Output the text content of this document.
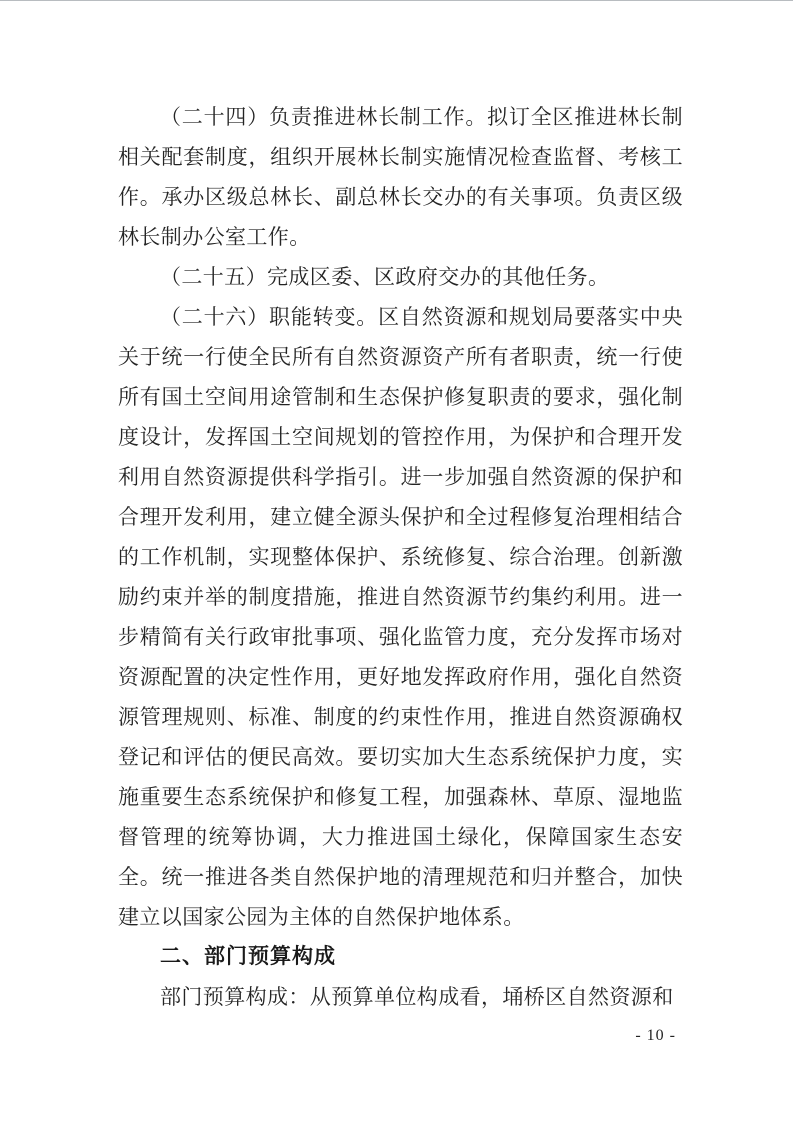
（二十四）负责推进林长制工作。拟订全区推进林长制相关配套制度，组织开展林长制实施情况检查监督、考核工作。承办区级总林长、副总林长交办的有关事项。负责区级林长制办公室工作。

（二十五）完成区委、区政府交办的其他任务。

（二十六）职能转变。区自然资源和规划局要落实中央关于统一行使全民所有自然资源资产所有者职责，统一行使所有国土空间用途管制和生态保护修复职责的要求，强化制度设计，发挥国土空间规划的管控作用，为保护和合理开发利用自然资源提供科学指引。进一步加强自然资源的保护和合理开发利用，建立健全源头保护和全过程修复治理相结合的工作机制，实现整体保护、系统修复、综合治理。创新激励约束并举的制度措施，推进自然资源节约集约利用。进一步精简有关行政审批事项、强化监管力度，充分发挥市场对资源配置的决定性作用，更好地发挥政府作用，强化自然资源管理规则、标准、制度的约束性作用，推进自然资源确权登记和评估的便民高效。要切实加大生态系统保护力度，实施重要生态系统保护和修复工程，加强森林、草原、湿地监督管理的统筹协调，大力推进国土绿化，保障国家生态安全。统一推进各类自然保护地的清理规范和归并整合，加快建立以国家公园为主体的自然保护地体系。

二、部门预算构成

部门预算构成：从预算单位构成看，埇桥区自然资源和

- 10 -
